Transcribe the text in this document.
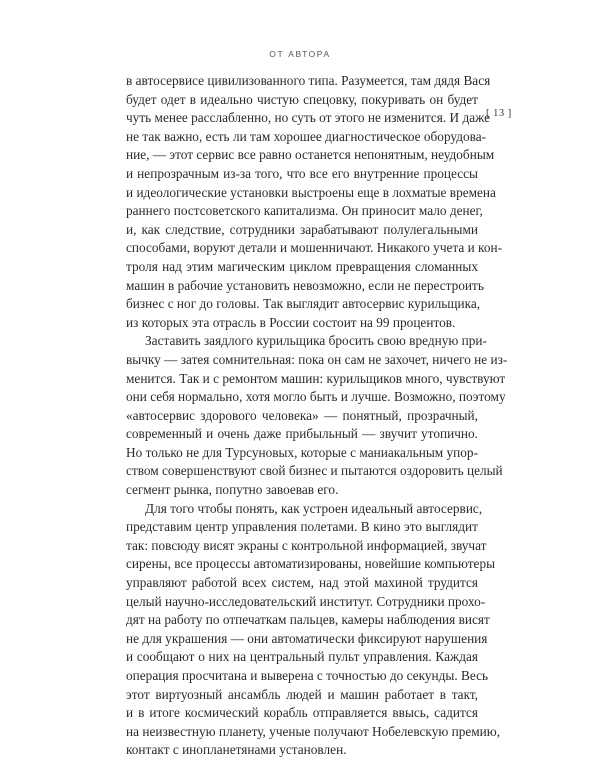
ОТ АВТОРА
[ 13 ]

в автосервисе цивилизованного типа. Разумеется, там дядя Вася
будет одет в идеально чистую спецовку, покуривать он будет
чуть менее расслабленно, но суть от этого не изменится. И даже
не так важно, есть ли там хорошее диагностическое оборудова-
ние, — этот сервис все равно останется непонятным, неудобным
и непрозрачным из-за того, что все его внутренние процессы
и идеологические установки выстроены еще в лохматые времена
раннего постсоветского капитализма. Он приносит мало денег,
и, как следствие, сотрудники зарабатывают полулегальными
способами, воруют детали и мошенничают. Никакого учета и кон-
троля над этим магическим циклом превращения сломанных
машин в рабочие установить невозможно, если не перестроить
бизнес с ног до головы. Так выглядит автосервис курильщика,
из которых эта отрасль в России состоит на 99 процентов.

Заставить заядлого курильщика бросить свою вредную при-
вычку — затея сомнительная: пока он сам не захочет, ничего не из-
менится. Так и с ремонтом машин: курильщиков много, чувствуют
они себя нормально, хотя могло быть и лучше. Возможно, поэтому
«автосервис здорового человека» — понятный, прозрачный,
современный и очень даже прибыльный — звучит утопично.
Но только не для Турсуновых, которые с маниакальным упор-
ством совершенствуют свой бизнес и пытаются оздоровить целый
сегмент рынка, попутно завоевав его.

Для того чтобы понять, как устроен идеальный автосервис,
представим центр управления полетами. В кино это выглядит
так: повсюду висят экраны с контрольной информацией, звучат
сирены, все процессы автоматизированы, новейшие компьютеры
управляют работой всех систем, над этой махиной трудится
целый научно-исследовательский институт. Сотрудники прохо-
дят на работу по отпечаткам пальцев, камеры наблюдения висят
не для украшения — они автоматически фиксируют нарушения
и сообщают о них на центральный пульт управления. Каждая
операция просчитана и выверена с точностью до секунды. Весь
этот виртуозный ансамбль людей и машин работает в такт,
и в итоге космический корабль отправляется ввысь, садится
на неизвестную планету, ученые получают Нобелевскую премию,
контакт с инопланетянами установлен.
